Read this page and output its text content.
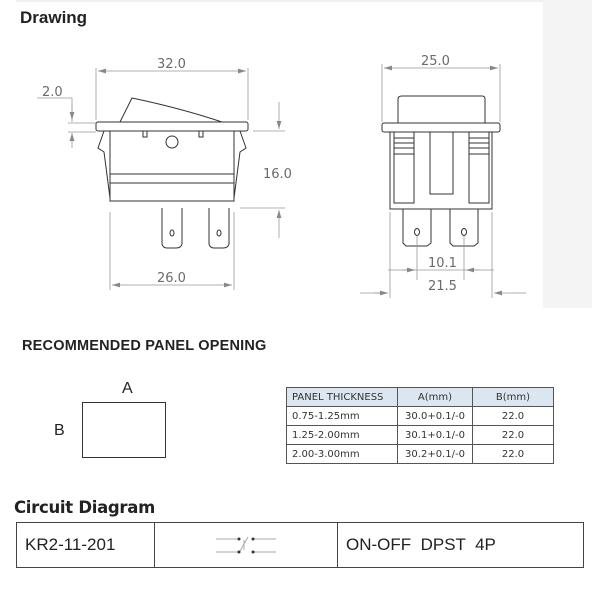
Drawing
32.0
2.0
16.0
26.0
25.0
10.1
21.5
RECOMMENDED PANEL OPENING
A
B
PANEL THICKNESS	A(mm)	B(mm)
0.75-1.25mm	30.0+0.1/-0	22.0
1.25-2.00mm	30.1+0.1/-0	22.0
2.00-3.00mm	30.2+0.1/-0	22.0
Circuit Diagram
KR2-11-201		ON-OFF  DPST  4P
